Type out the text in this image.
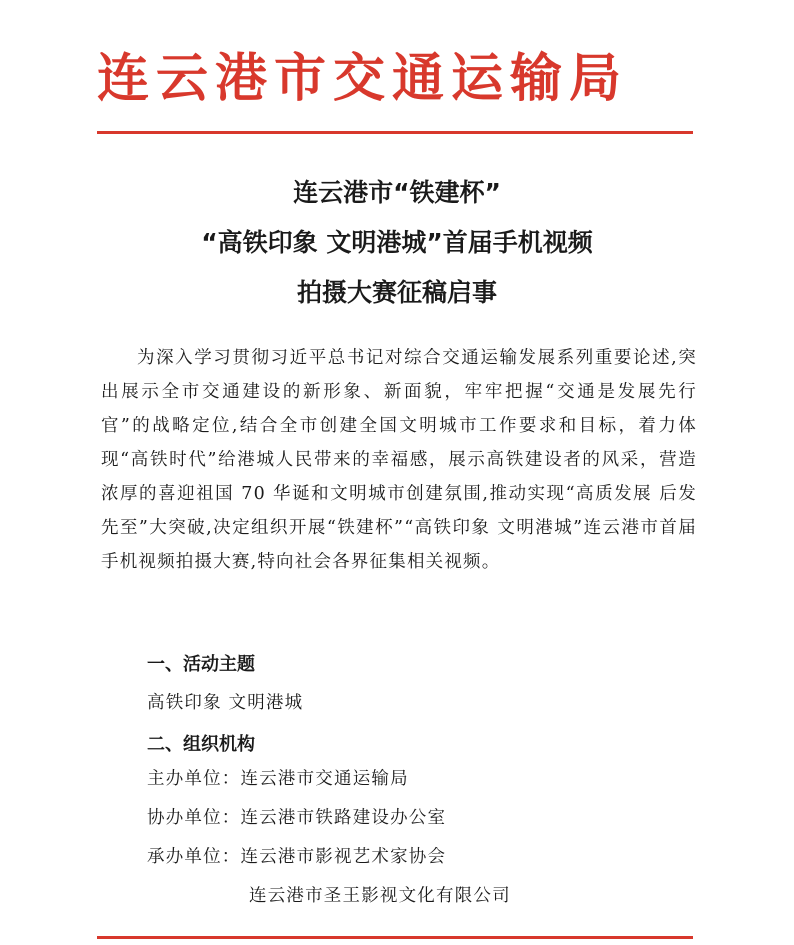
连云港市交通运输局
连云港市“铁建杯”
“高铁印象 文明港城”首届手机视频
拍摄大赛征稿启事
为深入学习贯彻习近平总书记对综合交通运输发展系列重要论述,突出展示全市交通建设的新形象、新面貌，牢牢把握“交通是发展先行官”的战略定位,结合全市创建全国文明城市工作要求和目标，着力体现“高铁时代”给港城人民带来的幸福感，展示高铁建设者的风采，营造浓厚的喜迎祖国 70 华诞和文明城市创建氛围,推动实现“高质发展 后发先至”大突破,决定组织开展“铁建杯”“高铁印象 文明港城”连云港市首届手机视频拍摄大赛,特向社会各界征集相关视频。
一、活动主题
高铁印象 文明港城
二、组织机构
主办单位：连云港市交通运输局
协办单位：连云港市铁路建设办公室
承办单位：连云港市影视艺术家协会
连云港市圣王影视文化有限公司
